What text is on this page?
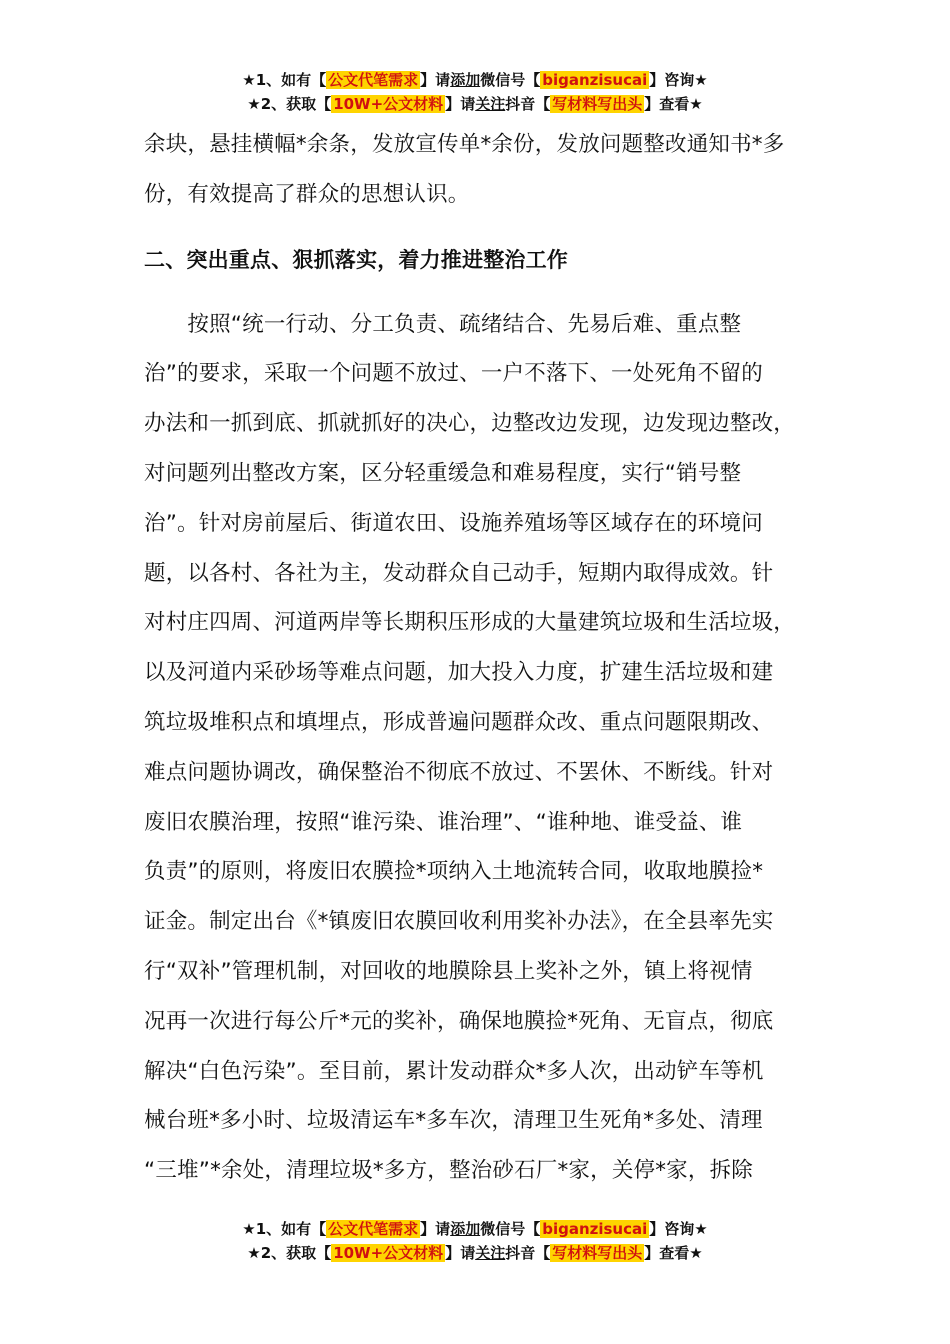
★1、如有【 公文代笔需求 】请添加微信号【 biganzisucai 】咨询★
★2、获取【 10W+公文材料 】请关注抖音【 写材料写出头 】查看★

余块，悬挂横幅*余条，发放宣传单*余份，发放问题整改通知书*多

份，有效提高了群众的思想认识。

二、突出重点、狠抓落实，着力推进整治工作

　　按照“统一行动、分工负责、疏绪结合、先易后难、重点整

治”的要求，采取一个问题不放过、一户不落下、一处死角不留的

办法和一抓到底、抓就抓好的决心，边整改边发现，边发现边整改，

对问题列出整改方案，区分轻重缓急和难易程度，实行“销号整

治”。针对房前屋后、街道农田、设施养殖场等区域存在的环境问

题，以各村、各社为主，发动群众自己动手，短期内取得成效。针

对村庄四周、河道两岸等长期积压形成的大量建筑垃圾和生活垃圾，

以及河道内采砂场等难点问题，加大投入力度，扩建生活垃圾和建

筑垃圾堆积点和填埋点，形成普遍问题群众改、重点问题限期改、

难点问题协调改，确保整治不彻底不放过、不罢休、不断线。针对

废旧农膜治理，按照“谁污染、谁治理”、“谁种地、谁受益、谁

负责”的原则，将废旧农膜捡*项纳入土地流转合同，收取地膜捡*

证金。制定出台《*镇废旧农膜回收利用奖补办法》，在全县率先实

行“双补”管理机制，对回收的地膜除县上奖补之外，镇上将视情

况再一次进行每公斤*元的奖补，确保地膜捡*死角、无盲点，彻底

解决“白色污染”。至目前，累计发动群众*多人次，出动铲车等机

械台班*多小时、垃圾清运车*多车次，清理卫生死角*多处、清理

“三堆”*余处，清理垃圾*多方，整治砂石厂*家，关停*家，拆除

★1、如有【 公文代笔需求 】请添加微信号【 biganzisucai 】咨询★
★2、获取【 10W+公文材料 】请关注抖音【 写材料写出头 】查看★
